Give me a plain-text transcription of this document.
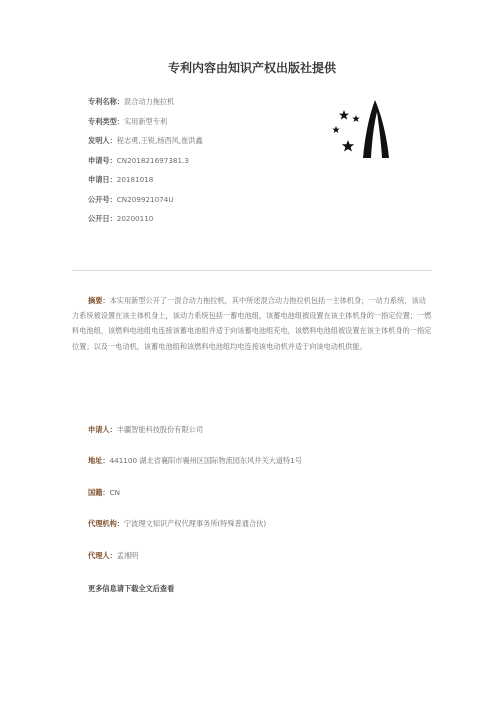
专利内容由知识产权出版社提供
专利名称：混合动力拖拉机
专利类型：实用新型专利
发明人：程志勇,王锐,杨西风,崔洪鑫
申请号：CN201821697381.3
申请日：20181018
公开号：CN209921074U
公开日：20200110
摘要：本实用新型公开了一混合动力拖拉机，其中所述混合动力拖拉机包括一主体机身；一动力系统，该动力系统被设置在该主体机身上，该动力系统包括一蓄电池组，该蓄电池组被设置在该主体机身的一指定位置；一燃料电池组，该燃料电池组电连接该蓄电池组并适于向该蓄电池组充电，该燃料电池组被设置在该主体机身的一指定位置；以及一电动机，该蓄电池组和该燃料电池组均电连接该电动机并适于向该电动机供能。
申请人：丰疆智能科技股份有限公司
地址：441100 湖北省襄阳市襄州区国际物流园东风井关大道特1号
国籍：CN
代理机构：宁波理文知识产权代理事务所(特殊普通合伙)
代理人：孟湘明
更多信息请下载全文后查看
